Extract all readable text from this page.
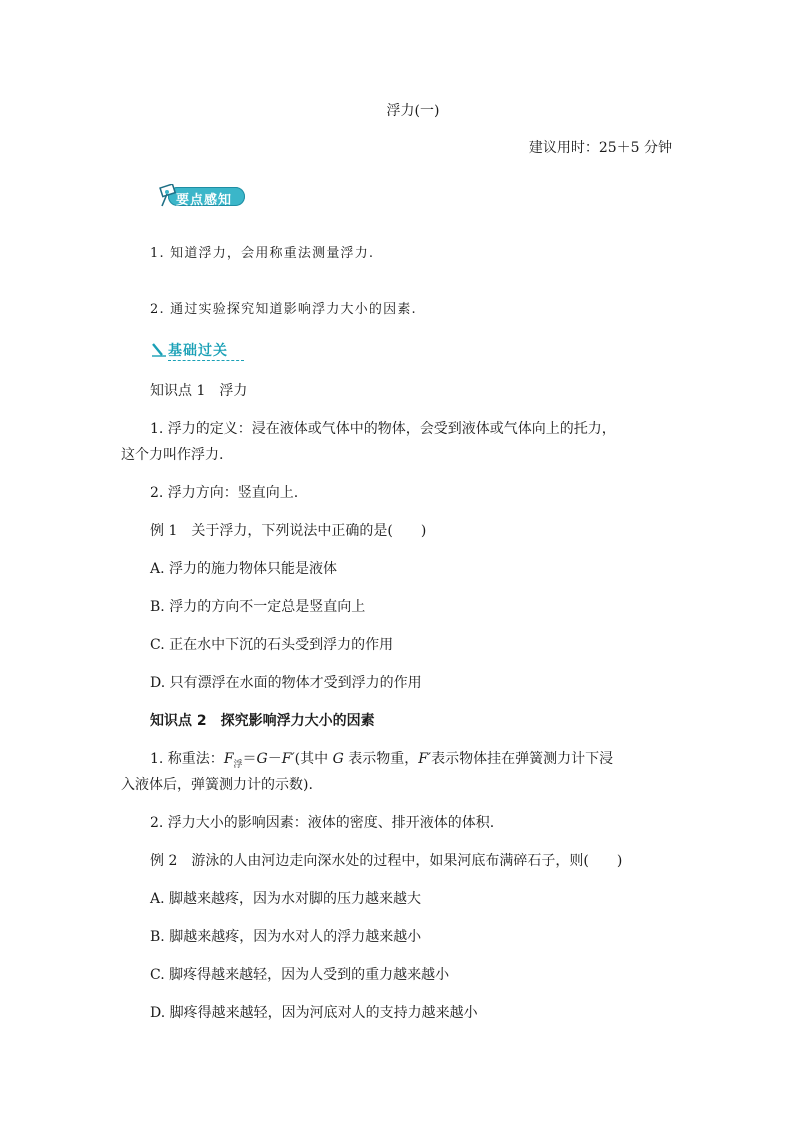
浮力(一)
建议用时：25＋5 分钟
要点感知
1. 知道浮力，会用称重法测量浮力.
2. 通过实验探究知道影响浮力大小的因素.
基础过关
知识点 1　浮力
1. 浮力的定义：浸在液体或气体中的物体，会受到液体或气体向上的托力，
这个力叫作浮力.
2. 浮力方向：竖直向上.
例 1　关于浮力，下列说法中正确的是(　　)
A. 浮力的施力物体只能是液体
B. 浮力的方向不一定总是竖直向上
C. 正在水中下沉的石头受到浮力的作用
D. 只有漂浮在水面的物体才受到浮力的作用
知识点 2　探究影响浮力大小的因素
1. 称重法：$F_浮=G-F'$(其中 G 表示物重，F′表示物体挂在弹簧测力计下浸
入液体后，弹簧测力计的示数).
2. 浮力大小的影响因素：液体的密度、排开液体的体积.
例 2　游泳的人由河边走向深水处的过程中，如果河底布满碎石子，则(　　)
A. 脚越来越疼，因为水对脚的压力越来越大
B. 脚越来越疼，因为水对人的浮力越来越小
C. 脚疼得越来越轻，因为人受到的重力越来越小
D. 脚疼得越来越轻，因为河底对人的支持力越来越小
